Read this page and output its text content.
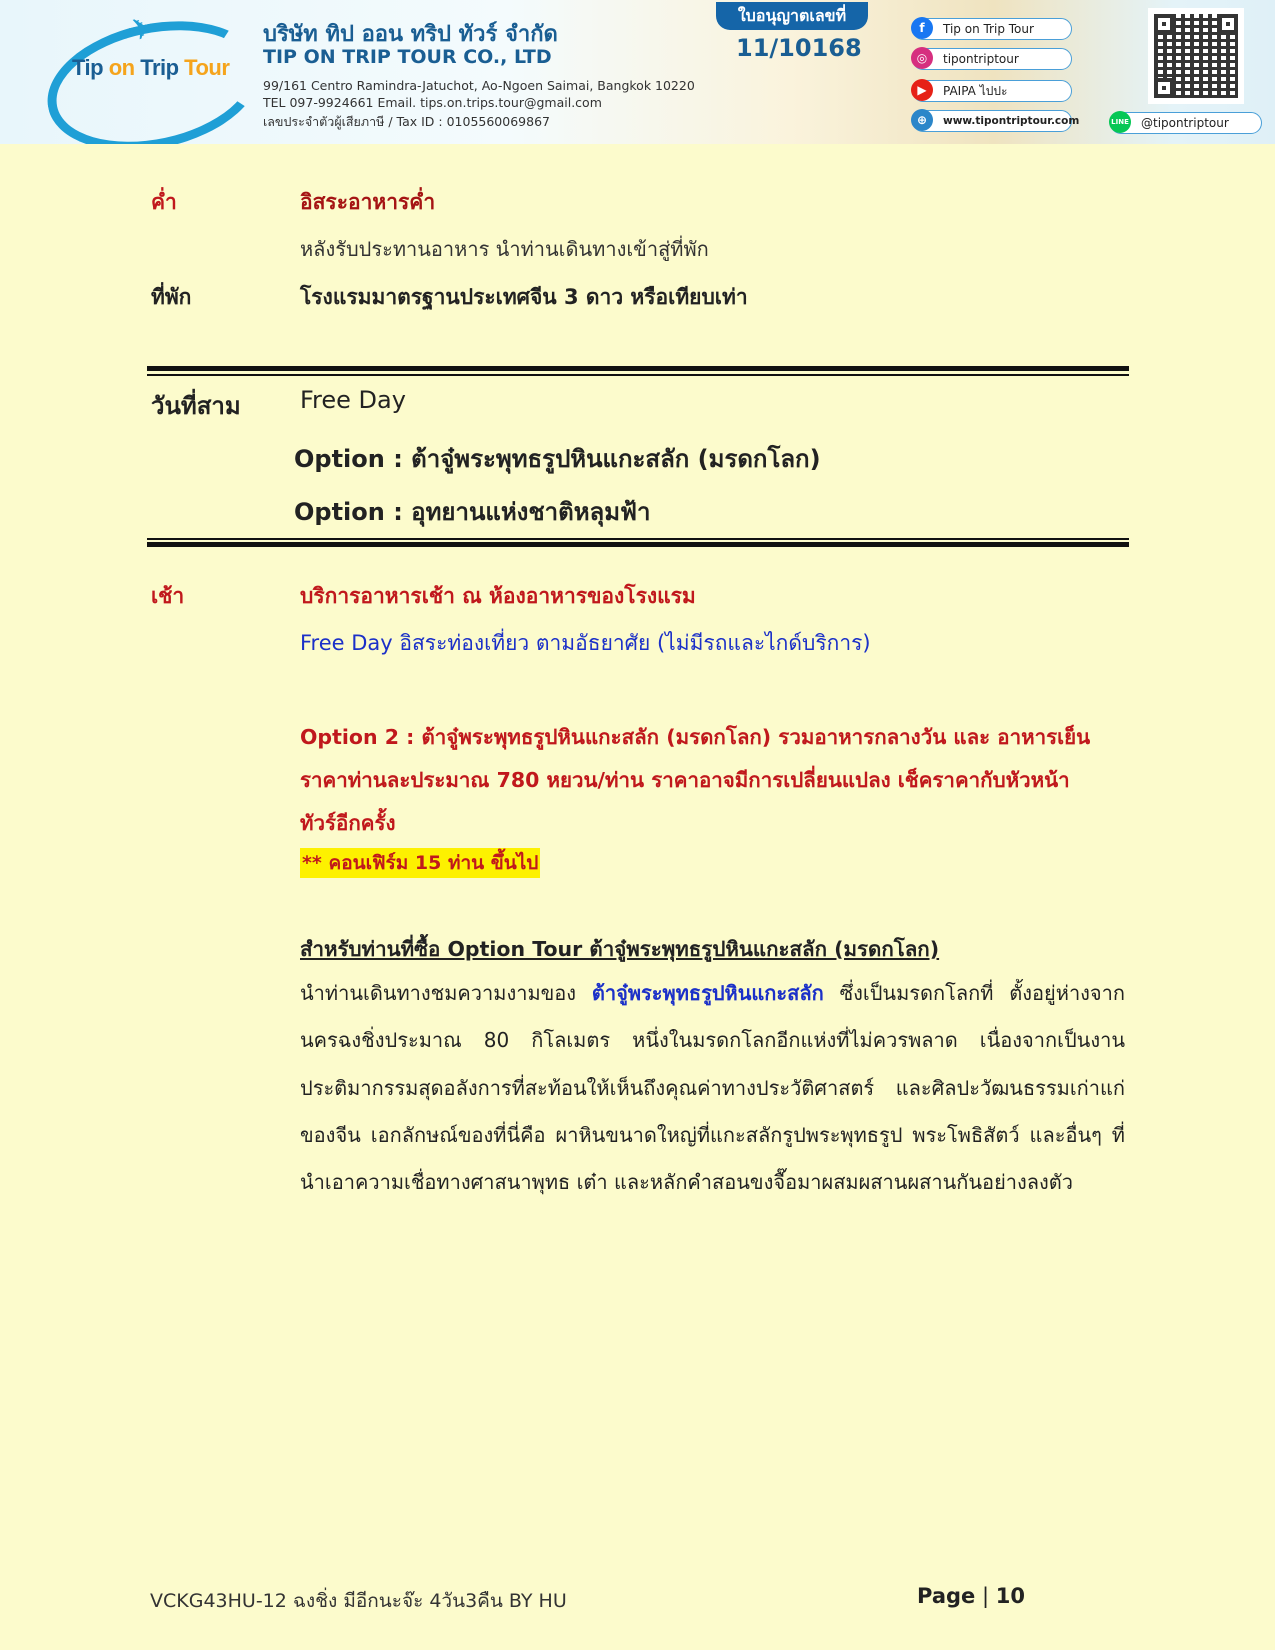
✈
Tip on Trip Tour
บริษัท ทิป ออน ทริป ทัวร์ จำกัด
TIP ON TRIP TOUR CO., LTD
99/161 Centro Ramindra-Jatuchot, Ao-Ngoen Saimai, Bangkok 10220
TEL 097-9924661 Email. tips.on.trips.tour@gmail.com
เลขประจำตัวผู้เสียภาษี / Tax ID : 0105560069867
ใบอนุญาตเลขที่
11/10168
f	Tip on Trip Tour
◎	tipontriptour
▶	PAIPA ไปปะ
⊕	www.tipontriptour.com	LINE @tipontriptour
ค่ำ	อิสระอาหารค่ำ
หลังรับประทานอาหาร นำท่านเดินทางเข้าสู่ที่พัก
ที่พัก	โรงแรมมาตรฐานประเทศจีน 3 ดาว หรือเทียบเท่า
วันที่สาม Free Day
Option : ต้าจู๋พระพุทธรูปหินแกะสลัก (มรดกโลก)
Option : อุทยานแห่งชาติหลุมฟ้า
เช้า	บริการอาหารเช้า ณ ห้องอาหารของโรงแรม
Free Day อิสระท่องเที่ยว ตามอัธยาศัย (ไม่มีรถและไกด์บริการ)
Option 2 : ต้าจู๋พระพุทธรูปหินแกะสลัก (มรดกโลก) รวมอาหารกลางวัน และ อาหารเย็น
ราคาท่านละประมาณ 780 หยวน/ท่าน ราคาอาจมีการเปลี่ยนแปลง เช็คราคากับหัวหน้า
ทัวร์อีกครั้ง
** คอนเฟิร์ม 15 ท่าน ขึ้นไป
สำหรับท่านที่ซื้อ Option Tour ต้าจู๋พระพุทธรูปหินแกะสลัก (มรดกโลก)
นำท่านเดินทางชมความงามของ ต้าจู๋พระพุทธรูปหินแกะสลัก ซึ่งเป็นมรดกโลกที่ ตั้งอยู่ห่างจากนครฉงชิ่งประมาณ 80 กิโลเมตร หนึ่งในมรดกโลกอีกแห่งที่ไม่ควรพลาด เนื่องจากเป็นงานประติมากรรมสุดอลังการที่สะท้อนให้เห็นถึงคุณค่าทางประวัติศาสตร์ และศิลปะวัฒนธรรมเก่าแก่ของจีน เอกลักษณ์ของที่นี่คือ ผาหินขนาดใหญ่ที่แกะสลักรูปพระพุทธรูป พระโพธิสัตว์ และอื่นๆ ที่นำเอาความเชื่อทางศาสนาพุทธ เต๋า และหลักคำสอนขงจื๊อมาผสมผสานผสานกันอย่างลงตัว
VCKG43HU-12 ฉงชิ่ง มีอีกนะจ๊ะ 4วัน3คืน BY HU	Page | 10
